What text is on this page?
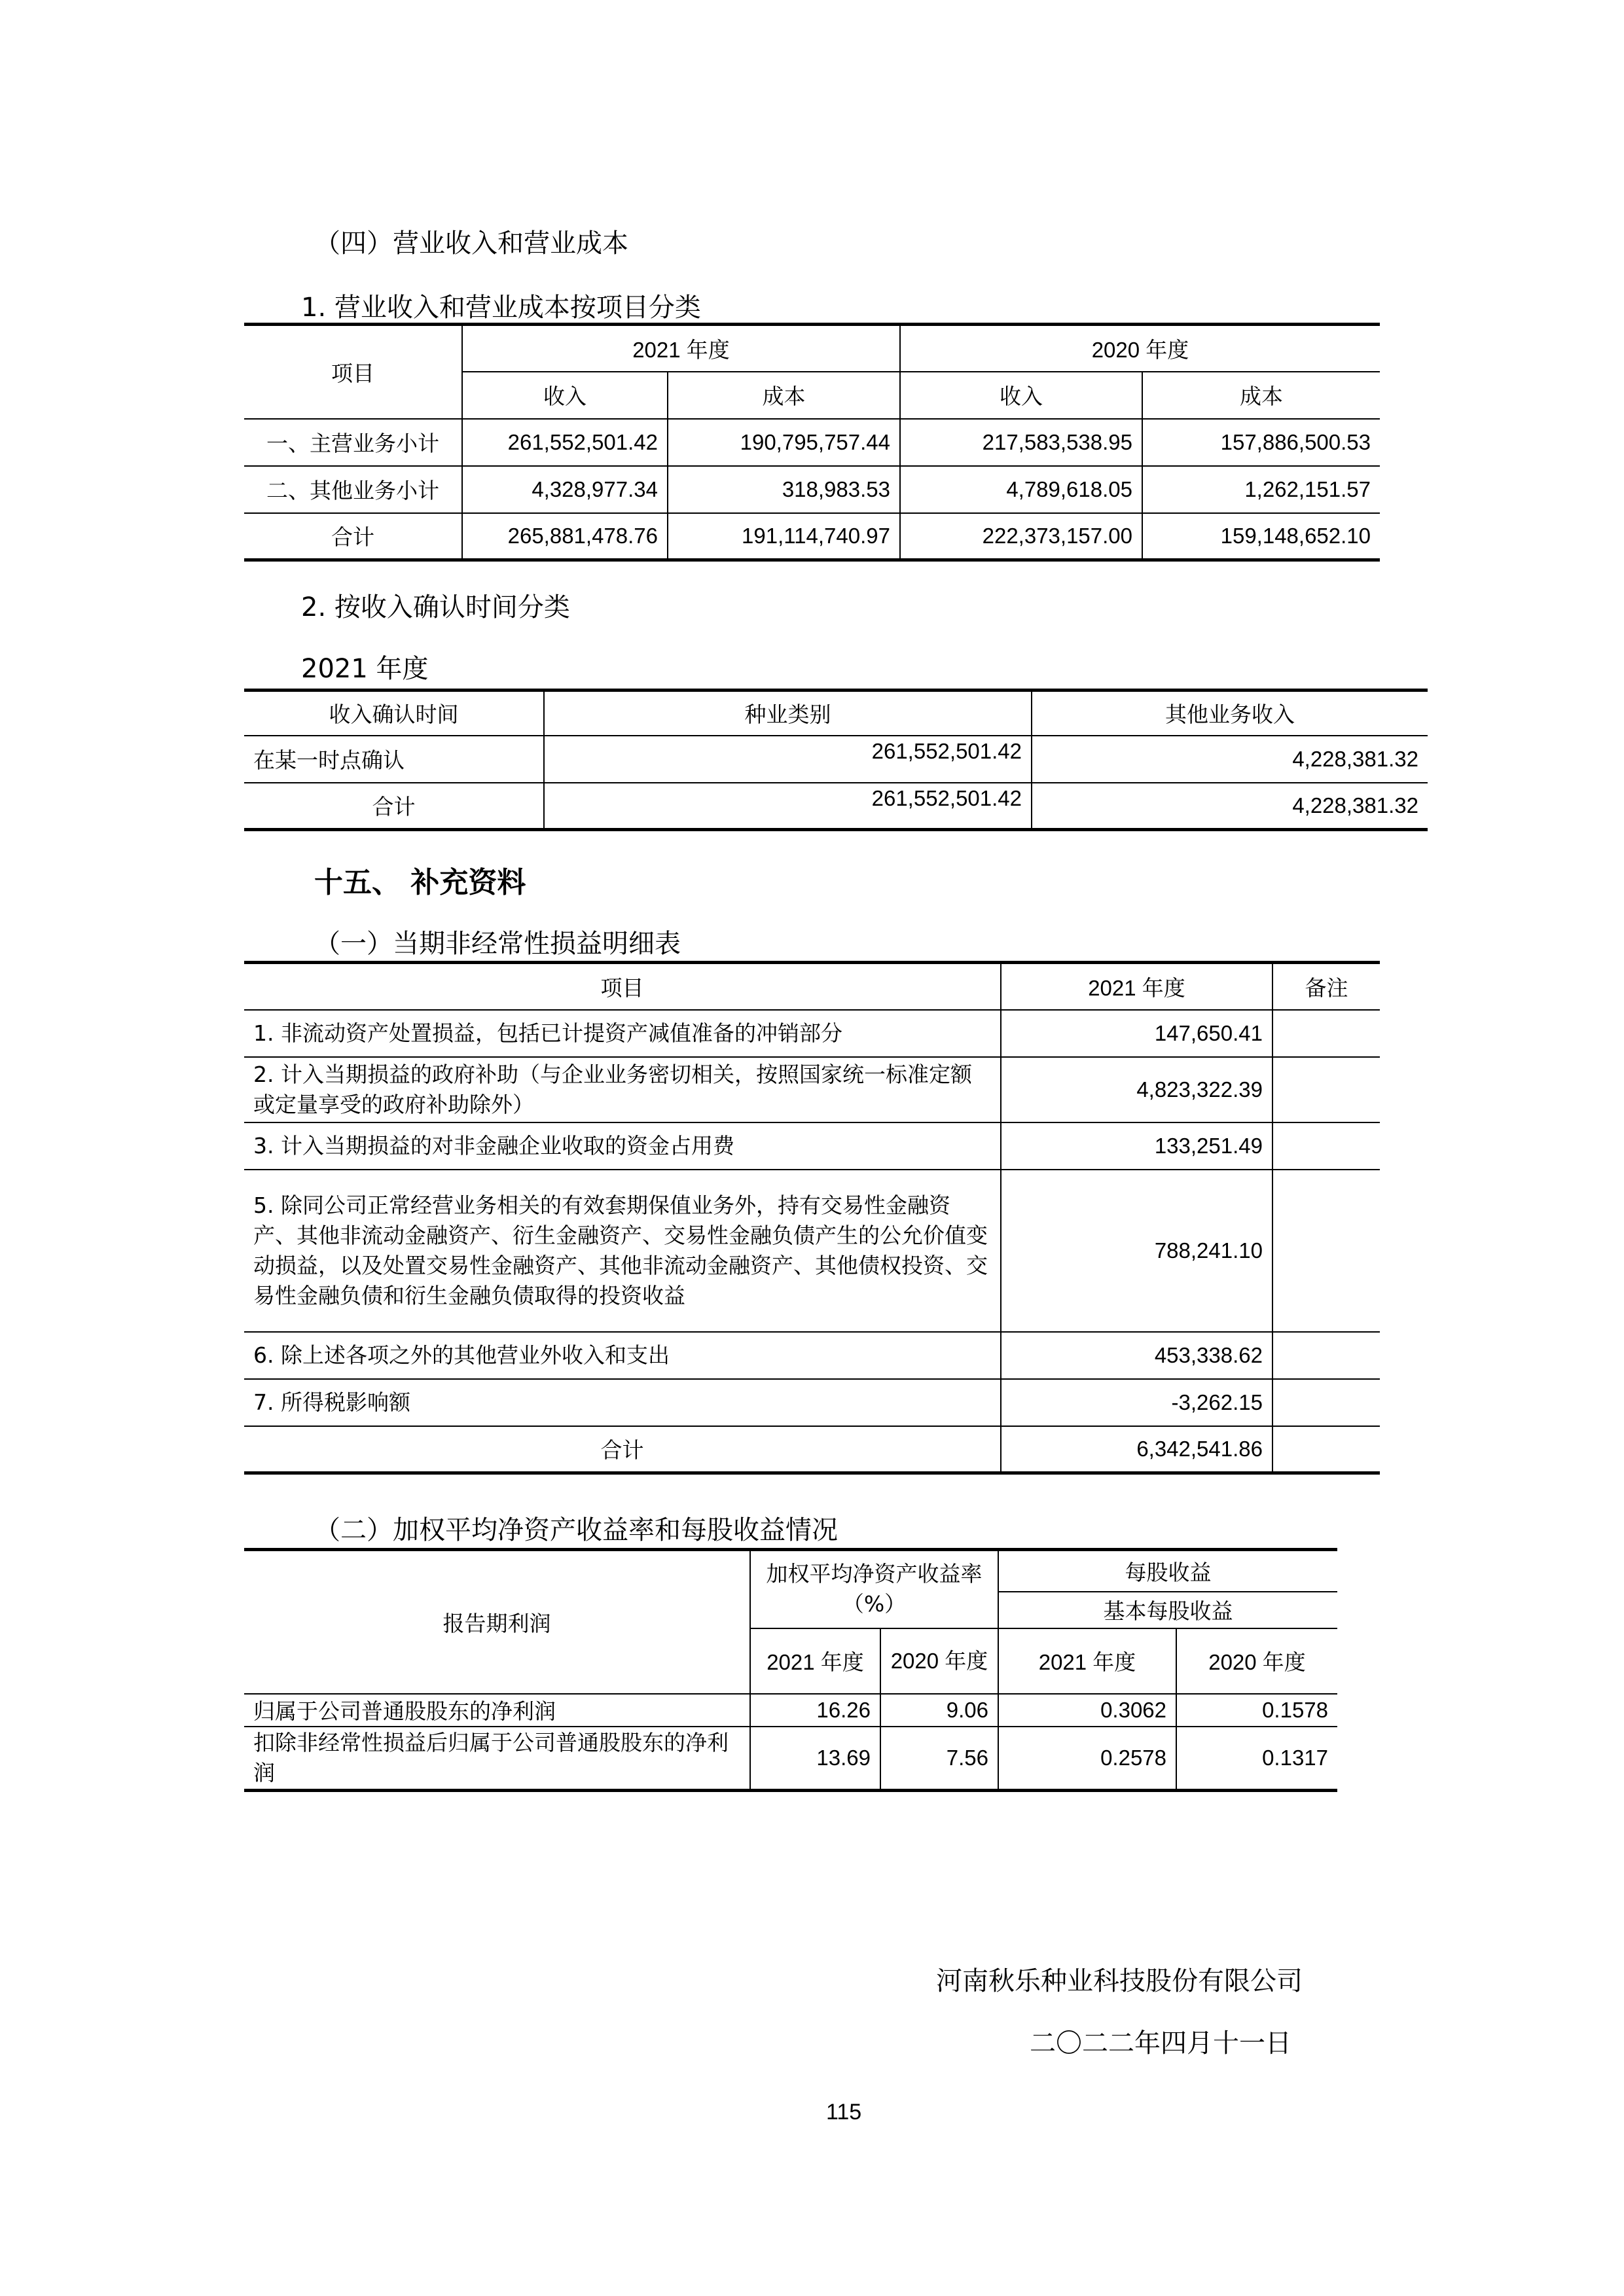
（四）营业收入和营业成本
1. 营业收入和营业成本按项目分类
项目	2021 年度		2020 年度	
	收入	成本	收入	成本
一、主营业务小计	261,552,501.42	190,795,757.44	217,583,538.95	157,886,500.53
二、其他业务小计	4,328,977.34	318,983.53	4,789,618.05	1,262,151.57
合计	265,881,478.76	191,114,740.97	222,373,157.00	159,148,652.10
2. 按收入确认时间分类
2021 年度
收入确认时间	种业类别	其他业务收入
在某一时点确认	261,552,501.42	4,228,381.32
合计	261,552,501.42	4,228,381.32
十五、 补充资料
（一）当期非经常性损益明细表
项目	2021 年度	备注
1. 非流动资产处置损益，包括已计提资产减值准备的冲销部分	147,650.41	
2. 计入当期损益的政府补助（与企业业务密切相关，按照国家统一标准定额或定量享受的政府补助除外）	4,823,322.39	
3. 计入当期损益的对非金融企业收取的资金占用费	133,251.49	
5. 除同公司正常经营业务相关的有效套期保值业务外，持有交易性金融资产、其他非流动金融资产、衍生金融资产、交易性金融负债产生的公允价值变动损益，以及处置交易性金融资产、其他非流动金融资产、其他债权投资、交易性金融负债和衍生金融负债取得的投资收益	788,241.10	
6. 除上述各项之外的其他营业外收入和支出	453,338.62	
7. 所得税影响额	-3,262.15	
合计	6,342,541.86	
（二）加权平均净资产收益率和每股收益情况
报告期利润	加权平均净资产收益率（%）		每股收益	
			基本每股收益	
	2021 年度	2020 年度	2021 年度	2020 年度
归属于公司普通股股东的净利润	16.26	9.06	0.3062	0.1578
扣除非经常性损益后归属于公司普通股股东的净利润	13.69	7.56	0.2578	0.1317
河南秋乐种业科技股份有限公司
二〇二二年四月十一日
115
